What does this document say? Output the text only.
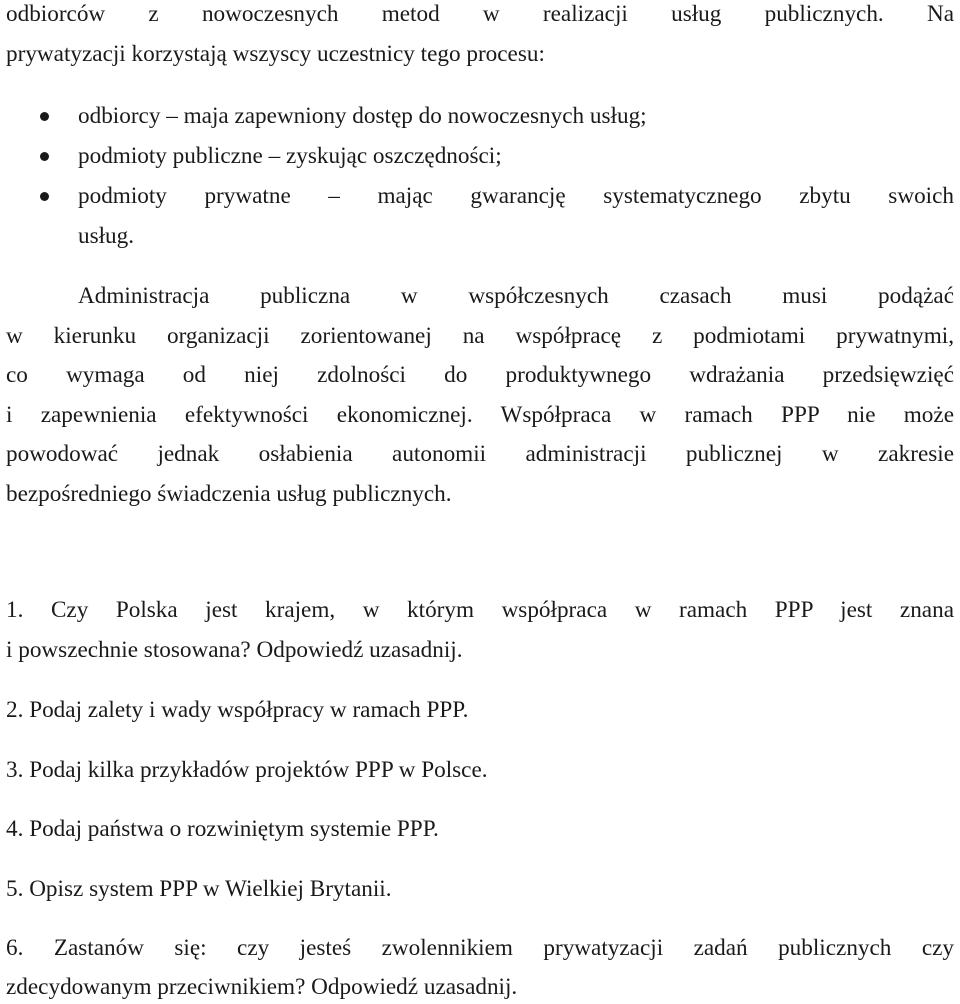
odbiorców z nowoczesnych metod w realizacji usług publicznych. Na

prywatyzacji korzystają wszyscy uczestnicy tego procesu:

odbiorcy – maja zapewniony dostęp do nowoczesnych usług;

podmioty publiczne – zyskując oszczędności;

podmioty prywatne – mając gwarancję systematycznego zbytu swoich

usług.

Administracja publiczna w współczesnych czasach musi podążać

w kierunku organizacji zorientowanej na współpracę z podmiotami prywatnymi,

co wymaga od niej zdolności do produktywnego wdrażania przedsięwzięć

i zapewnienia efektywności ekonomicznej. Współpraca w ramach PPP nie może

powodować jednak osłabienia autonomii administracji publicznej w zakresie

bezpośredniego świadczenia usług publicznych.

1. Czy Polska jest krajem, w którym współpraca w ramach PPP jest znana

i powszechnie stosowana? Odpowiedź uzasadnij.

2. Podaj zalety i wady współpracy w ramach PPP.

3. Podaj kilka przykładów projektów PPP w Polsce.

4. Podaj państwa o rozwiniętym systemie PPP.

5. Opisz system PPP w Wielkiej Brytanii.

6. Zastanów się: czy jesteś zwolennikiem prywatyzacji zadań publicznych czy

zdecydowanym przeciwnikiem? Odpowiedź uzasadnij.
